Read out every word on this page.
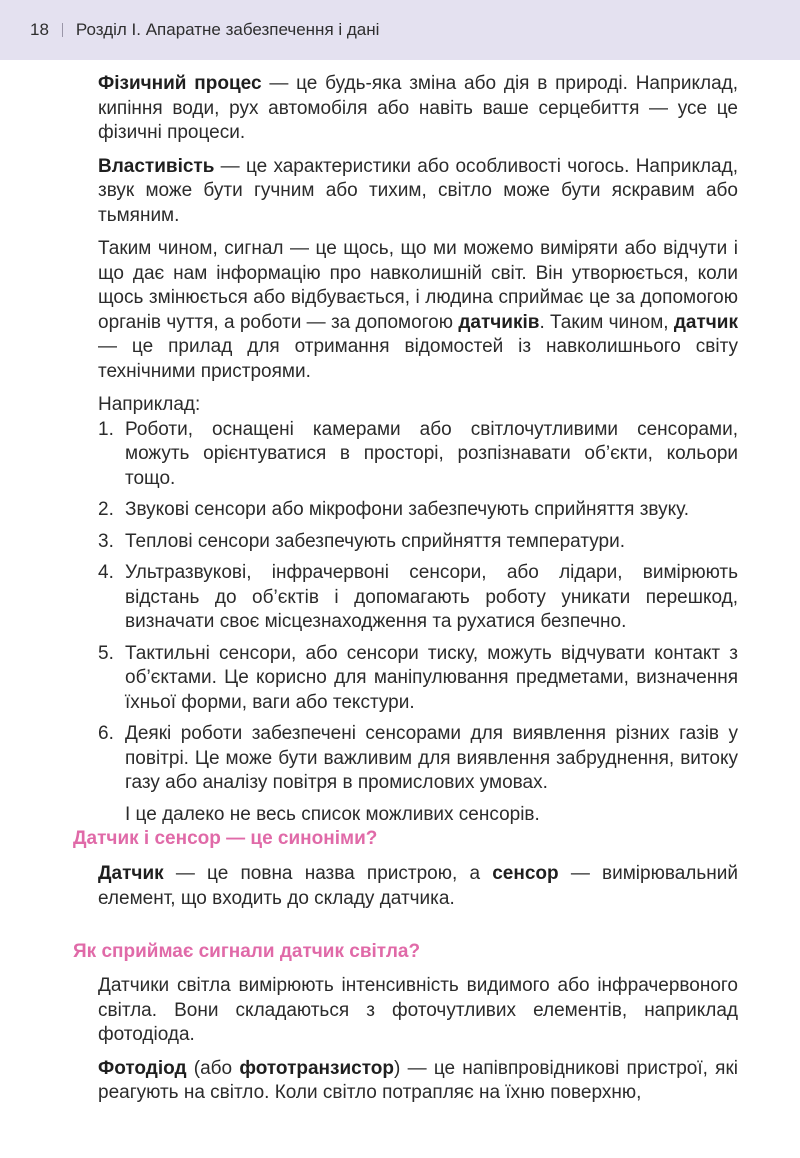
18 Розділ І. Апаратне забезпечення і дані

Фізичний процес — це будь-яка зміна або дія в природі. Наприклад, кипіння води, рух автомобіля або навіть ваше серцебиття — усе це фізичні процеси.

Властивість — це характеристики або особливості чогось. Наприклад, звук може бути гучним або тихим, світло може бути яскравим або тьмяним.

Таким чином, сигнал — це щось, що ми можемо виміряти або відчути і що дає нам інформацію про навколишній світ. Він утворюється, коли щось змінюється або відбувається, і людина сприймає це за допомогою органів чуття, а роботи — за допомогою датчиків. Таким чином, датчик — це прилад для отримання відомостей із навколишнього світу технічними пристроями.

Наприклад:

1. Роботи, оснащені камерами або світлочутливими сенсорами, можуть орієнтуватися в просторі, розпізнавати об’єкти, кольори тощо.
2. Звукові сенсори або мікрофони забезпечують сприйняття звуку.
3. Теплові сенсори забезпечують сприйняття температури.
4. Ультразвукові, інфрачервоні сенсори, або лідари, вимірюють відстань до об’єктів і допомагають роботу уникати перешкод, визначати своє місцезнаходження та рухатися безпечно.
5. Тактильні сенсори, або сенсори тиску, можуть відчувати контакт з об’єктами. Це корисно для маніпулювання предметами, визначення їхньої форми, ваги або текстури.
6. Деякі роботи забезпечені сенсорами для виявлення різних газів у повітрі. Це може бути важливим для виявлення забруднення, витоку газу або аналізу повітря в промислових умовах.

І це далеко не весь список можливих сенсорів.

Датчик і сенсор — це синоніми?

Датчик — це повна назва пристрою, а сенсор — вимірювальний елемент, що входить до складу датчика.

Як сприймає сигнали датчик світла?

Датчики світла вимірюють інтенсивність видимого або інфрачервоного світла. Вони складаються з фоточутливих елементів, наприклад фотодіода.

Фотодіод (або фототранзистор) — це напівпровідникові пристрої, які реагують на світло. Коли світло потрапляє на їхню поверхню,
